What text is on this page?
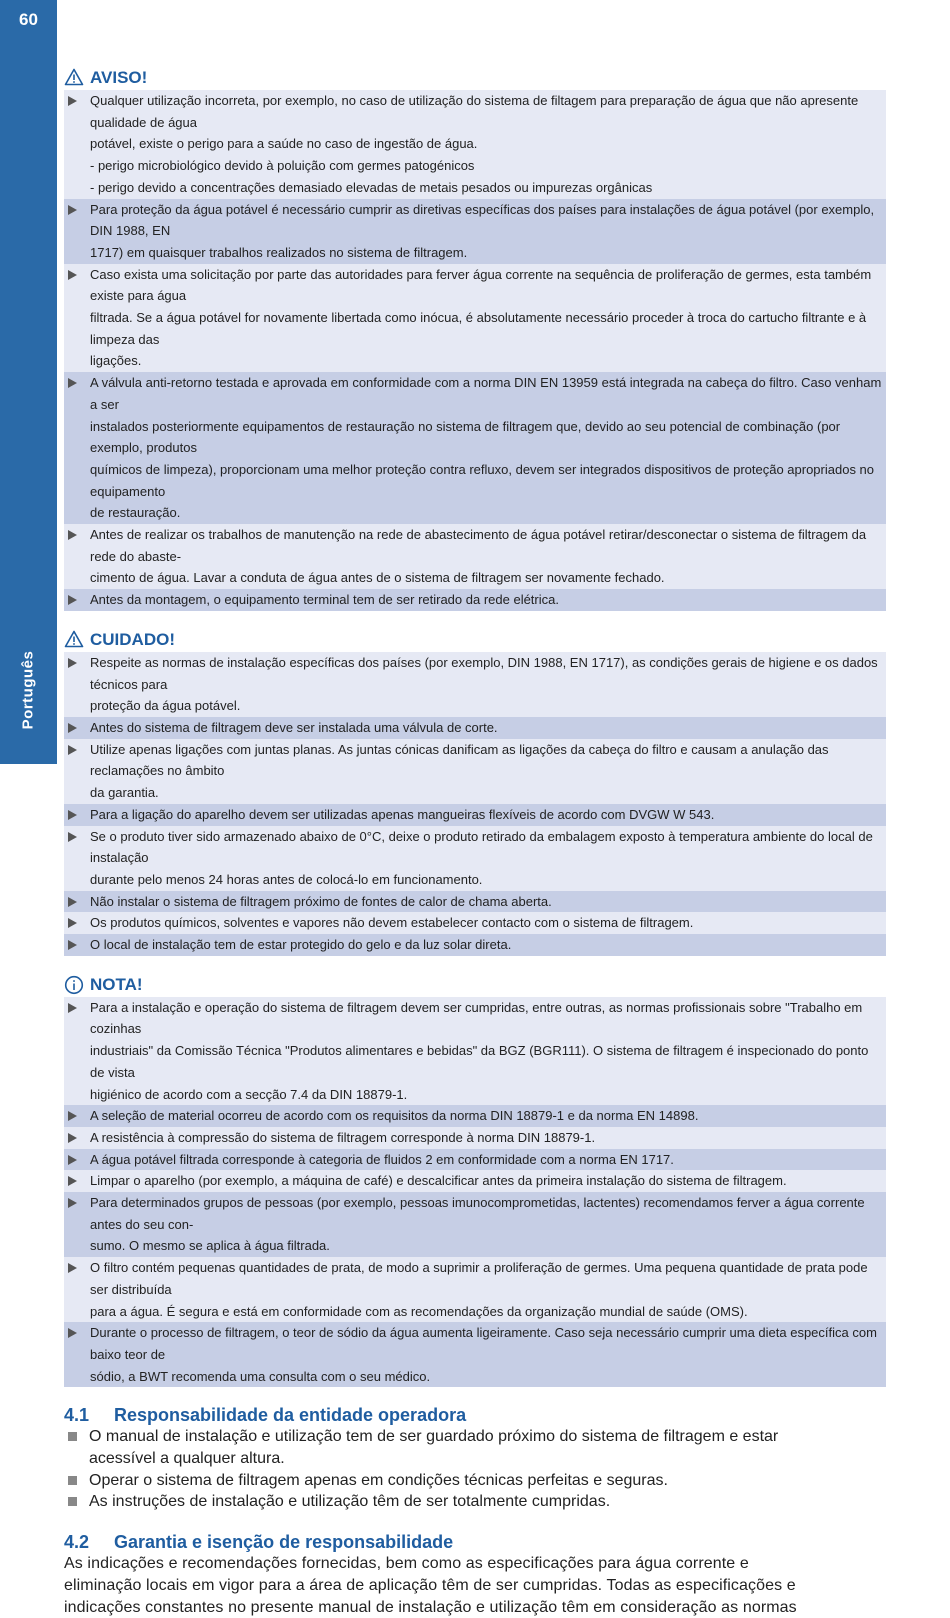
60
Português
AVISO!
Qualquer utilização incorreta, por exemplo, no caso de utilização do sistema de filtagem para preparação de água que não apresente qualidade de água
potável, existe o perigo para a saúde no caso de ingestão de água.
- perigo microbiológico devido à poluição com germes patogénicos
- perigo devido a concentrações demasiado elevadas de metais pesados ou impurezas orgânicas
Para proteção da água potável é necessário cumprir as diretivas específicas dos países para instalações de água potável (por exemplo, DIN 1988, EN
1717) em quaisquer trabalhos realizados no sistema de filtragem.
Caso exista uma solicitação por parte das autoridades para ferver água corrente na sequência de proliferação de germes, esta também existe para água
filtrada. Se a água potável for novamente libertada como inócua, é absolutamente necessário proceder à troca do cartucho filtrante e à limpeza das
ligações.
A válvula anti-retorno testada e aprovada em conformidade com a norma DIN EN 13959 está integrada na cabeça do filtro. Caso venham a ser
instalados posteriormente equipamentos de restauração no sistema de filtragem que, devido ao seu potencial de combinação (por exemplo, produtos
químicos de limpeza), proporcionam uma melhor proteção contra refluxo, devem ser integrados dispositivos de proteção apropriados no equipamento
de restauração.
Antes de realizar os trabalhos de manutenção na rede de abastecimento de água potável retirar/desconectar o sistema de filtragem da rede do abaste-
cimento de água. Lavar a conduta de água antes de o sistema de filtragem ser novamente fechado.
Antes da montagem, o equipamento terminal tem de ser retirado da rede elétrica.
CUIDADO!
Respeite as normas de instalação específicas dos países (por exemplo, DIN 1988, EN 1717), as condições gerais de higiene e os dados técnicos para
proteção da água potável.
Antes do sistema de filtragem deve ser instalada uma válvula de corte.
Utilize apenas ligações com juntas planas. As juntas cónicas danificam as ligações da cabeça do filtro e causam a anulação das reclamações no âmbito
da garantia.
Para a ligação do aparelho devem ser utilizadas apenas mangueiras flexíveis de acordo com DVGW W 543.
Se o produto tiver sido armazenado abaixo de 0°C, deixe o produto retirado da embalagem exposto à temperatura ambiente do local de instalação
durante pelo menos 24 horas antes de colocá-lo em funcionamento.
Não instalar o sistema de filtragem próximo de fontes de calor de chama aberta.
Os produtos químicos, solventes e vapores não devem estabelecer contacto com o sistema de filtragem.
O local de instalação tem de estar protegido do gelo e da luz solar direta.
NOTA!
Para a instalação e operação do sistema de filtragem devem ser cumpridas, entre outras, as normas profissionais sobre "Trabalho em cozinhas
industriais" da Comissão Técnica "Produtos alimentares e bebidas" da BGZ (BGR111). O sistema de filtragem é inspecionado do ponto de vista
higiénico de acordo com a secção 7.4 da DIN 18879-1.
A seleção de material ocorreu de acordo com os requisitos da norma DIN 18879-1 e da norma EN 14898.
A resistência à compressão do sistema de filtragem corresponde à norma DIN 18879-1.
A água potável filtrada corresponde à categoria de fluidos 2 em conformidade com a norma EN 1717.
Limpar o aparelho (por exemplo, a máquina de café) e descalcificar antes da primeira instalação do sistema de filtragem.
Para determinados grupos de pessoas (por exemplo, pessoas imunocomprometidas, lactentes) recomendamos ferver a água corrente antes do seu con-
sumo. O mesmo se aplica à água filtrada.
O filtro contém pequenas quantidades de prata, de modo a suprimir a proliferação de germes. Uma pequena quantidade de prata pode ser distribuída
para a água. É segura e está em conformidade com as recomendações da organização mundial de saúde (OMS).
Durante o processo de filtragem, o teor de sódio da água aumenta ligeiramente. Caso seja necessário cumprir uma dieta específica com baixo teor de
sódio, a BWT recomenda uma consulta com o seu médico.
4.1 Responsabilidade da entidade operadora
O manual de instalação e utilização tem de ser guardado próximo do sistema de filtragem e estar
acessível a qualquer altura.
Operar o sistema de filtragem apenas em condições técnicas perfeitas e seguras.
As instruções de instalação e utilização têm de ser totalmente cumpridas.
4.2 Garantia e isenção de responsabilidade
As indicações e recomendações fornecidas, bem como as especificações para água corrente e
eliminação locais em vigor para a área de aplicação têm de ser cumpridas. Todas as especificações e
indicações constantes no presente manual de instalação e utilização têm em consideração as normas
